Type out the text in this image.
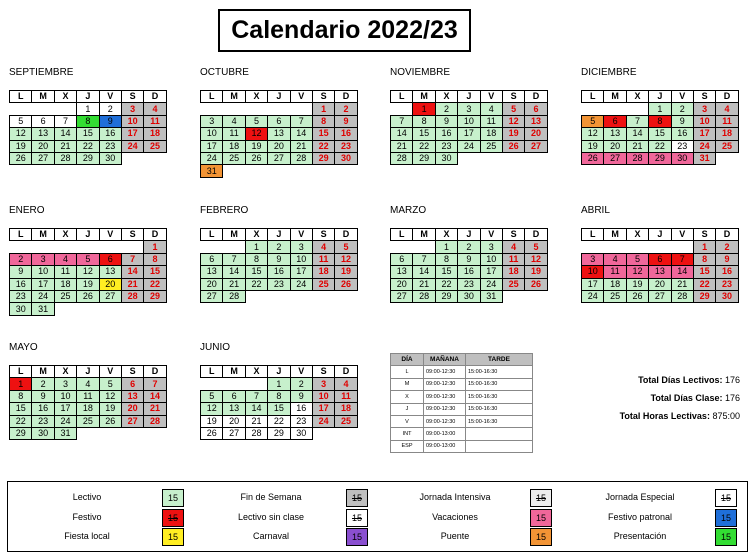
Calendario 2022/23
SEPTIEMBRE
L	M	X	J	V	S	D
			1	2	3	4
5	6	7	8	9	10	11
12	13	14	15	16	17	18
19	20	21	22	23	24	25
26	27	28	29	30		
OCTUBRE
L	M	X	J	V	S	D
					1	2
3	4	5	6	7	8	9
10	11	12	13	14	15	16
17	18	19	20	21	22	23
24	25	26	27	28	29	30
31						
NOVIEMBRE
L	M	X	J	V	S	D
	1	2	3	4	5	6
7	8	9	10	11	12	13
14	15	16	17	18	19	20
21	22	23	24	25	26	27
28	29	30				
DICIEMBRE
L	M	X	J	V	S	D
			1	2	3	4
5	6	7	8	9	10	11
12	13	14	15	16	17	18
19	20	21	22	23	24	25
26	27	28	29	30	31	
ENERO
L	M	X	J	V	S	D
						1
2	3	4	5	6	7	8
9	10	11	12	13	14	15
16	17	18	19	20	21	22
23	24	25	26	27	28	29
30	31					
FEBRERO
L	M	X	J	V	S	D
		1	2	3	4	5
6	7	8	9	10	11	12
13	14	15	16	17	18	19
20	21	22	23	24	25	26
27	28					
MARZO
L	M	X	J	V	S	D
		1	2	3	4	5
6	7	8	9	10	11	12
13	14	15	16	17	18	19
20	21	22	23	24	25	26
27	28	29	30	31		
ABRIL
L	M	X	J	V	S	D
					1	2
3	4	5	6	7	8	9
10	11	12	13	14	15	16
17	18	19	20	21	22	23
24	25	26	27	28	29	30
MAYO
L	M	X	J	V	S	D
1	2	3	4	5	6	7
8	9	10	11	12	13	14
15	16	17	18	19	20	21
22	23	24	25	26	27	28
29	30	31				
JUNIO
L	M	X	J	V	S	D
			1	2	3	4
5	6	7	8	9	10	11
12	13	14	15	16	17	18
19	20	21	22	23	24	25
26	27	28	29	30		
DÍA	MAÑANA	TARDE
L	09:00-12:30	15:00-16:30
M	09:00-12:30	15:00-16:30
X	09:00-12:30	15:00-16:30
J	09:00-12:30	15:00-16:30
V	09:00-12:30	15:00-16:30
INT	09:00-13:00	
ESP	09:00-13:00	
Total Días Lectivos: 176
Total Días Clase: 176
Total Horas Lectivas: 875:00
Lectivo	15	Fin de Semana	15	Jornada Intensiva	15	Jornada Especial	15
Festivo	15	Lectivo sin clase	15	Vacaciones	15	Festivo patronal	15
Fiesta local	15	Carnaval	15	Puente	15	Presentación	15
